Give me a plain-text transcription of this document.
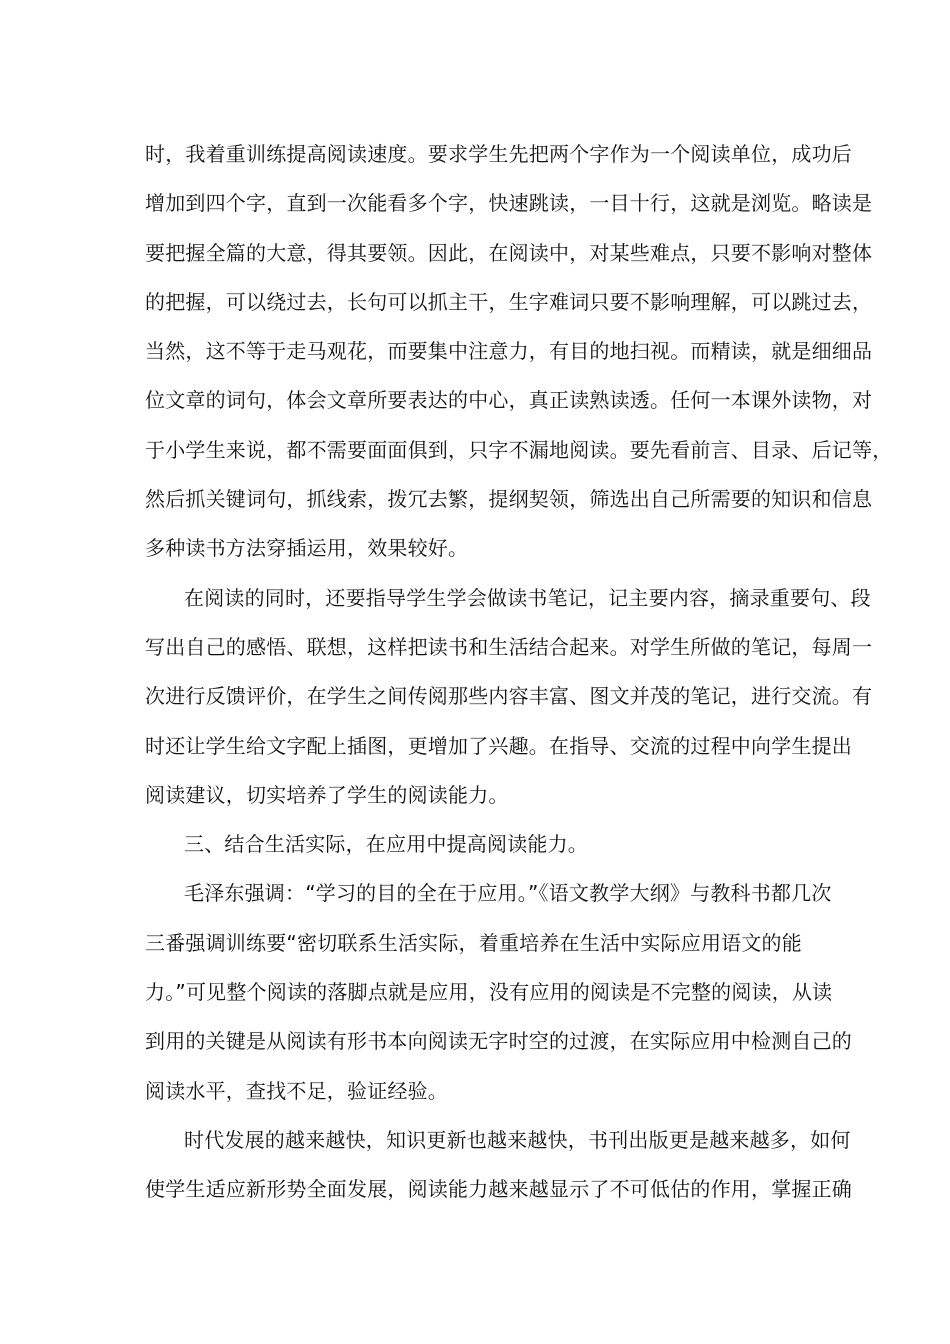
时，我着重训练提高阅读速度。要求学生先把两个字作为一个阅读单位，成功后
增加到四个字，直到一次能看多个字，快速跳读，一目十行，这就是浏览。略读是
要把握全篇的大意，得其要领。因此，在阅读中，对某些难点，只要不影响对整体
的把握，可以绕过去，长句可以抓主干，生字难词只要不影响理解，可以跳过去，
当然，这不等于走马观花，而要集中注意力，有目的地扫视。而精读，就是细细品
位文章的词句，体会文章所要表达的中心，真正读熟读透。任何一本课外读物，对
于小学生来说，都不需要面面俱到，只字不漏地阅读。要先看前言、目录、后记等，
然后抓关键词句，抓线索，拨冗去繁，提纲契领，筛选出自己所需要的知识和信息
多种读书方法穿插运用，效果较好。
在阅读的同时，还要指导学生学会做读书笔记，记主要内容，摘录重要句、段
写出自己的感悟、联想，这样把读书和生活结合起来。对学生所做的笔记，每周一
次进行反馈评价，在学生之间传阅那些内容丰富、图文并茂的笔记，进行交流。有
时还让学生给文字配上插图，更增加了兴趣。在指导、交流的过程中向学生提出
阅读建议，切实培养了学生的阅读能力。
三、结合生活实际，在应用中提高阅读能力。
毛泽东强调：“学习的目的全在于应用。”《语文教学大纲》与教科书都几次
三番强调训练要“密切联系生活实际，着重培养在生活中实际应用语文的能
力。”可见整个阅读的落脚点就是应用，没有应用的阅读是不完整的阅读，从读
到用的关键是从阅读有形书本向阅读无字时空的过渡，在实际应用中检测自己的
阅读水平，查找不足，验证经验。
时代发展的越来越快，知识更新也越来越快，书刊出版更是越来越多，如何
使学生适应新形势全面发展，阅读能力越来越显示了不可低估的作用，掌握正确
